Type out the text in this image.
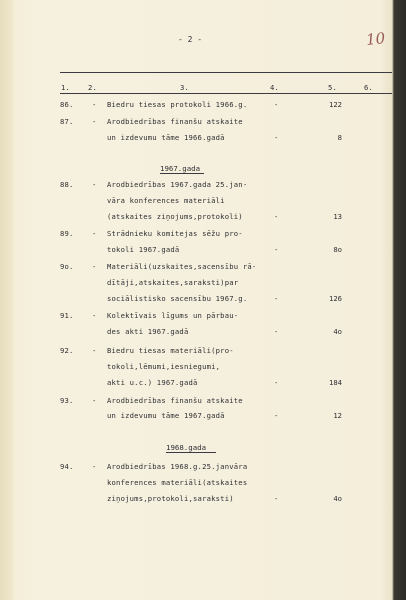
- 2 -	10
1. 2.	3.	4.	5.	6.
86.	- Biedru tiesas protokoli 1966.g.	-	122
87.	- Arodbiedrības finanšu atskaite
un izdevumu tāme 1966.gadā	-	8
1967.gada
88.	- Arodbiedrības 1967.gada 25.jan-
vāra konferences materiāli
(atskaites ziņojums,protokoli)	-	13
89.	- Strādnieku komitejas sēžu pro-
tokoli 1967.gadā	-	8o
9o.	- Materiāli(uzskaites,sacensību rā-
dītāji,atskaites,saraksti)par
sociālistisko sacensību 1967.g.	-	126
91.	- Kolektīvais līgums un pārbau-
des akti 1967.gadā	-	4o
92.	- Biedru tiesas materiāli(pro-
tokoli,lēmumi,iesniegumi,
akti u.c.) 1967.gadā	-	184
93.	- Arodbiedrības finanšu atskaite
un izdevumu tāme 1967.gadā	-	12
1968.gada
94.	- Arodbiedrības 1968.g.25.janvāra
konferences materiāli(atskaites
ziņojums,protokoli,saraksti)	-	4o
